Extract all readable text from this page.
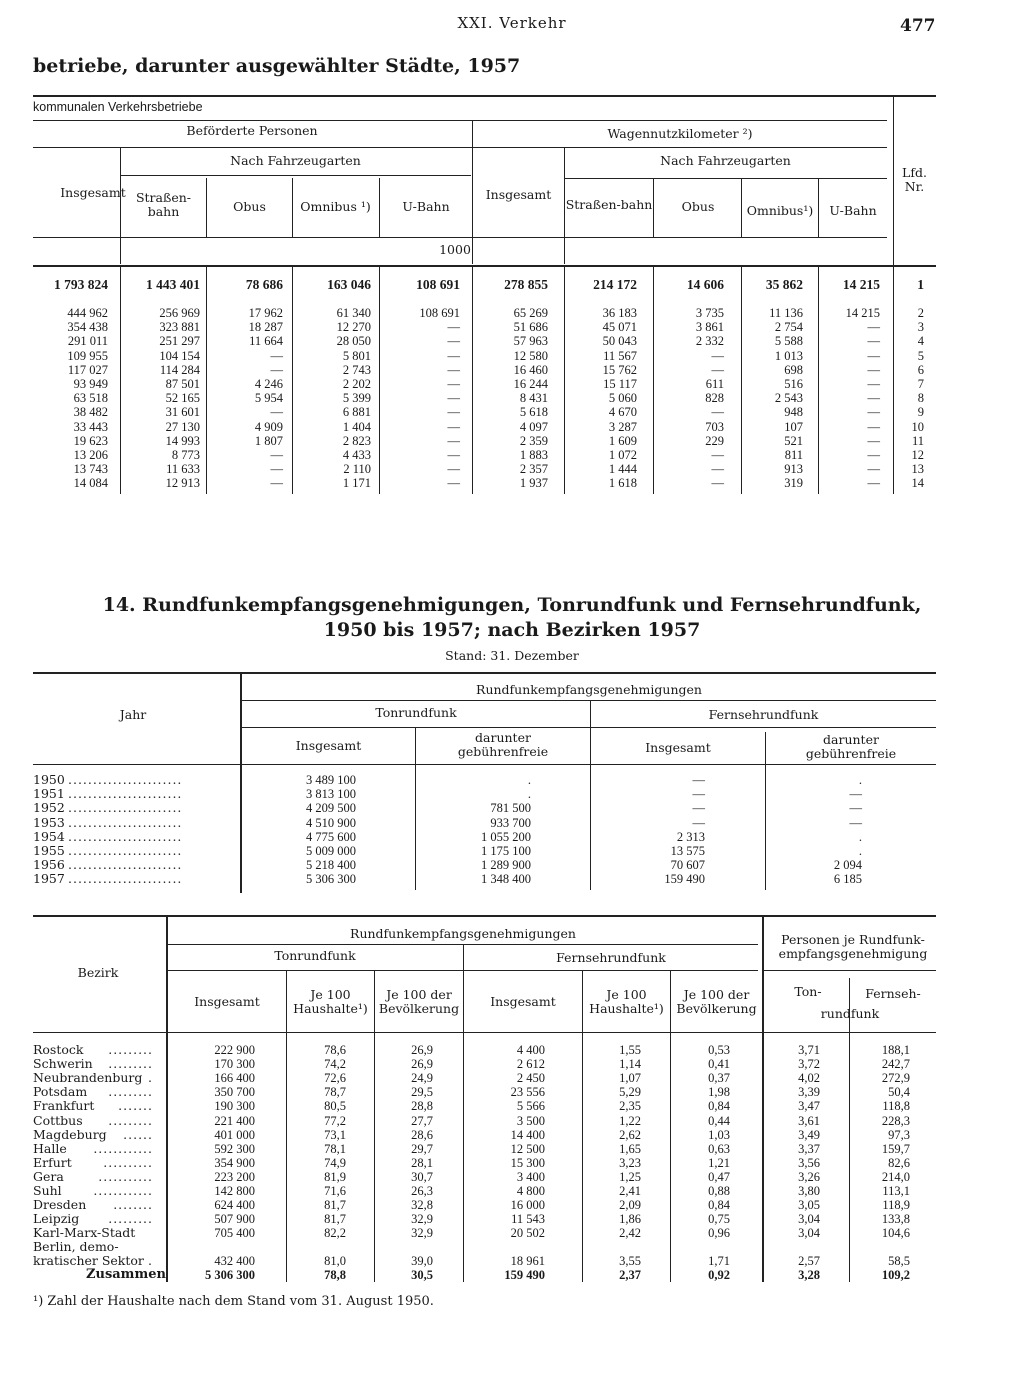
XXI. Verkehr	477
betriebe, darunter ausgewählter Städte, 1957
kommunalen Verkehrsbetriebe
Beförderte Personen	Wagennutzkilometer ²)
Nach Fahrzeugarten	Nach Fahrzeugarten
Lfd. Nr.
Insgesamt Straßen-bahn	Obus	Omnibus ¹)	U-Bahn
Insgesamt
Straßen-bahn	Obus	Omnibus¹)	U-Bahn
1000
1 793 824	1 443 401	78 686	163 046	108 691	278 855	214 172	14 606	35 862	14 215	1
444 962	256 969	17 962	61 340	108 691	65 269	36 183	3 735	11 136	14 215	2
354 438	323 881	18 287	12 270	—	51 686	45 071	3 861	2 754	—	3
291 011	251 297	11 664	28 050	—	57 963	50 043	2 332	5 588	—	4
109 955	104 154	—	5 801	—	12 580	11 567	—	1 013	—	5
117 027	114 284	—	2 743	—	16 460	15 762	—	698	—	6
93 949	87 501	4 246	2 202	—	16 244	15 117	611	516	—	7
63 518	52 165	5 954	5 399	—	8 431	5 060	828	2 543	—	8
38 482	31 601	—	6 881	—	5 618	4 670	—	948	—	9
33 443	27 130	4 909	1 404	—	4 097	3 287	703	107	—	10
19 623	14 993	1 807	2 823	—	2 359	1 609	229	521	—	11
13 206	8 773	—	4 433	—	1 883	1 072	—	811	—	12
13 743	11 633	—	2 110	—	2 357	1 444	—	913	—	13
14 084	12 913	—	1 171	—	1 937	1 618	—	319	—	14
14. Rundfunkempfangsgenehmigungen, Tonrundfunk und Fernsehrundfunk,
1950 bis 1957; nach Bezirken 1957
Stand: 31. Dezember
Jahr
Rundfunkempfangsgenehmigungen
Tonrundfunk	Fernsehrundfunk
Insgesamt
darunter gebührenfreie	Insgesamt
darunter gebührenfreie
1950 .......................	3 489 100	.	—	.
1951 .......................	3 813 100	.	—	—
1952 .......................	4 209 500	781 500	—	—
1953 .......................	4 510 900	933 700	—	—
1954 .......................	4 775 600	1 055 200	2 313	.
1955 .......................	5 009 000	1 175 100	13 575	.
1956 .......................	5 218 400	1 289 900	70 607	2 094
1957 .......................	5 306 300	1 348 400	159 490	6 185
Bezirk
Rundfunkempfangsgenehmigungen
Tonrundfunk	Fernsehrundfunk
Personen je Rundfunk-empfangsgenehmigung
Ton-	Fernseh-
rundfunk
Insgesamt	Je 100 Haushalte¹)
Je 100 der Bevölkerung	Insgesamt	Je 100 Haushalte¹)
Je 100 der Bevölkerung
Rostock .........	222 900	78,6	26,9	4 400	1,55	0,53	3,71	188,1
Schwerin .........	170 300	74,2	26,9	2 612	1,14	0,41	3,72	242,7
Neubrandenburg .	166 400	72,6	24,9	2 450	1,07	0,37	4,02	272,9
Potsdam .........	350 700	78,7	29,5	23 556	5,29	1,98	3,39	50,4
Frankfurt .......	190 300	80,5	28,8	5 566	2,35	0,84	3,47	118,8
Cottbus .........	221 400	77,2	27,7	3 500	1,22	0,44	3,61	228,3
Magdeburg ......	401 000	73,1	28,6	14 400	2,62	1,03	3,49	97,3
Halle ............	592 300	78,1	29,7	12 500	1,65	0,63	3,37	159,7
Erfurt	..........	354 900	74,9	28,1	15 300	3,23	1,21	3,56	82,6
Gera	...........	223 200	81,9	30,7	3 400	1,25	0,47	3,26	214,0
Suhl	............	142 800	71,6	26,3	4 800	2,41	0,88	3,80	113,1
Dresden ........	624 400	81,7	32,8	16 000	2,09	0,84	3,05	118,9
Leipzig .........	507 900	81,7	32,9	11 543	1,86	0,75	3,04	133,8
Karl-Marx-Stadt	705 400	82,2	32,9	20 502	2,42	0,96	3,04	104,6
Berlin, demo-
kratischer Sektor .	432 400	81,0	39,0	18 961	3,55	1,71	2,57	58,5
Zusammen	5 306 300	78,8	30,5	159 490	2,37	0,92	3,28	109,2
¹) Zahl der Haushalte nach dem Stand vom 31. August 1950.
